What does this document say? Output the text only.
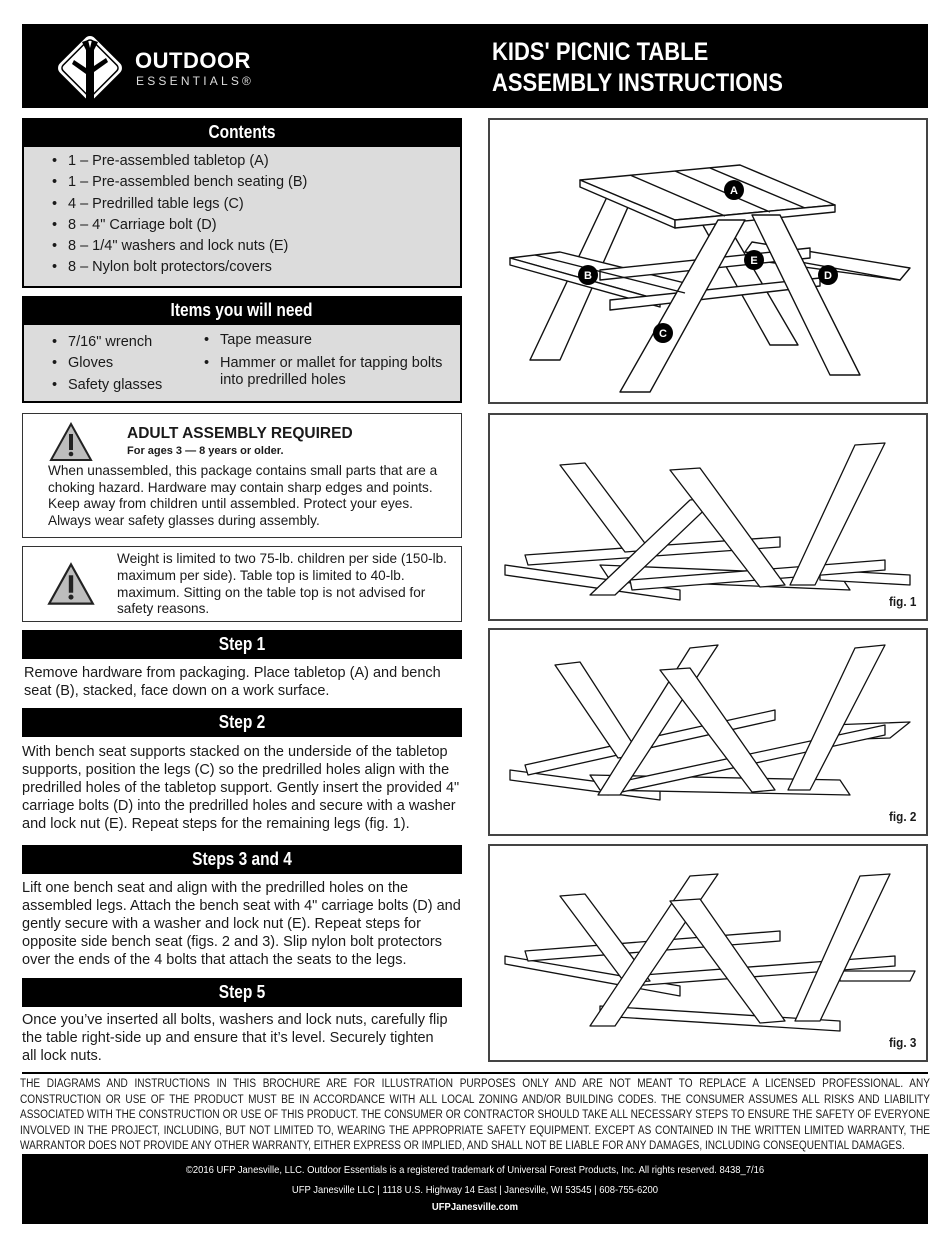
OUTDOOR
ESSENTIALS®
KIDS' PICNIC TABLE
ASSEMBLY INSTRUCTIONS
Contents
• 1 – Pre-assembled tabletop (A)
• 1 – Pre-assembled bench seating (B)
• 4 – Predrilled table legs (C)
• 8 – 4" Carriage bolt (D)
• 8 – 1/4" washers and lock nuts (E)
• 8 – Nylon bolt protectors/covers
Items you will need
• 7/16" wrench
• Gloves
• Safety glasses
• Tape measure
• Hammer or mallet for tapping bolts into predrilled holes
ADULT ASSEMBLY REQUIRED
For ages 3 — 8 years or older.
When unassembled, this package contains small parts that are a choking hazard. Hardware may contain sharp edges and points. Keep away from children until assembled. Protect your eyes. Always wear safety glasses during assembly.
Weight is limited to two 75-lb. children per side (150-lb. maximum per side). Table top is limited to 40-lb. maximum. Sitting on the table top is not advised for safety reasons.
Step 1
Remove hardware from packaging. Place tabletop (A) and bench seat (B), stacked, face down on a work surface.
Step 2
With bench seat supports stacked on the underside of the tabletop supports, position the legs (C) so the predrilled holes align with the predrilled holes of the tabletop support. Gently insert the provided 4" carriage bolts (D) into the predrilled holes and secure with a washer and lock nut (E). Repeat steps for the remaining legs (fig. 1).
Steps 3 and 4
Lift one bench seat and align with the predrilled holes on the assembled legs. Attach the bench seat with 4" carriage bolts (D) and gently secure with a washer and lock nut (E). Repeat steps for opposite side bench seat (figs. 2 and 3). Slip nylon bolt protectors over the ends of the 4 bolts that attach the seats to the legs.
Step 5
Once you’ve inserted all bolts, washers and lock nuts, carefully flip the table right-side up and ensure that it’s level. Securely tighten all lock nuts.
A
B
C
D
E
fig. 1
fig. 2
fig. 3
THE DIAGRAMS AND INSTRUCTIONS IN THIS BROCHURE ARE FOR ILLUSTRATION PURPOSES ONLY AND ARE NOT MEANT TO REPLACE A LICENSED PROFESSIONAL. ANY CONSTRUCTION OR USE OF THE PRODUCT MUST BE IN ACCORDANCE WITH ALL LOCAL ZONING AND/OR BUILDING CODES. THE CONSUMER ASSUMES ALL RISKS AND LIABILITY ASSOCIATED WITH THE CONSTRUCTION OR USE OF THIS PRODUCT. THE CONSUMER OR CONTRACTOR SHOULD TAKE ALL NECESSARY STEPS TO ENSURE THE SAFETY OF EVERYONE INVOLVED IN THE PROJECT, INCLUDING, BUT NOT LIMITED TO, WEARING THE APPROPRIATE SAFETY EQUIPMENT. EXCEPT AS CONTAINED IN THE WRITTEN LIMITED WARRANTY, THE WARRANTOR DOES NOT PROVIDE ANY OTHER WARRANTY, EITHER EXPRESS OR IMPLIED, AND SHALL NOT BE LIABLE FOR ANY DAMAGES, INCLUDING CONSEQUENTIAL DAMAGES.
©2016 UFP Janesville, LLC. Outdoor Essentials is a registered trademark of Universal Forest Products, Inc. All rights reserved. 8438_7/16
UFP Janesville LLC | 1118 U.S. Highway 14 East | Janesville, WI 53545 | 608-755-6200
UFPJanesville.com
